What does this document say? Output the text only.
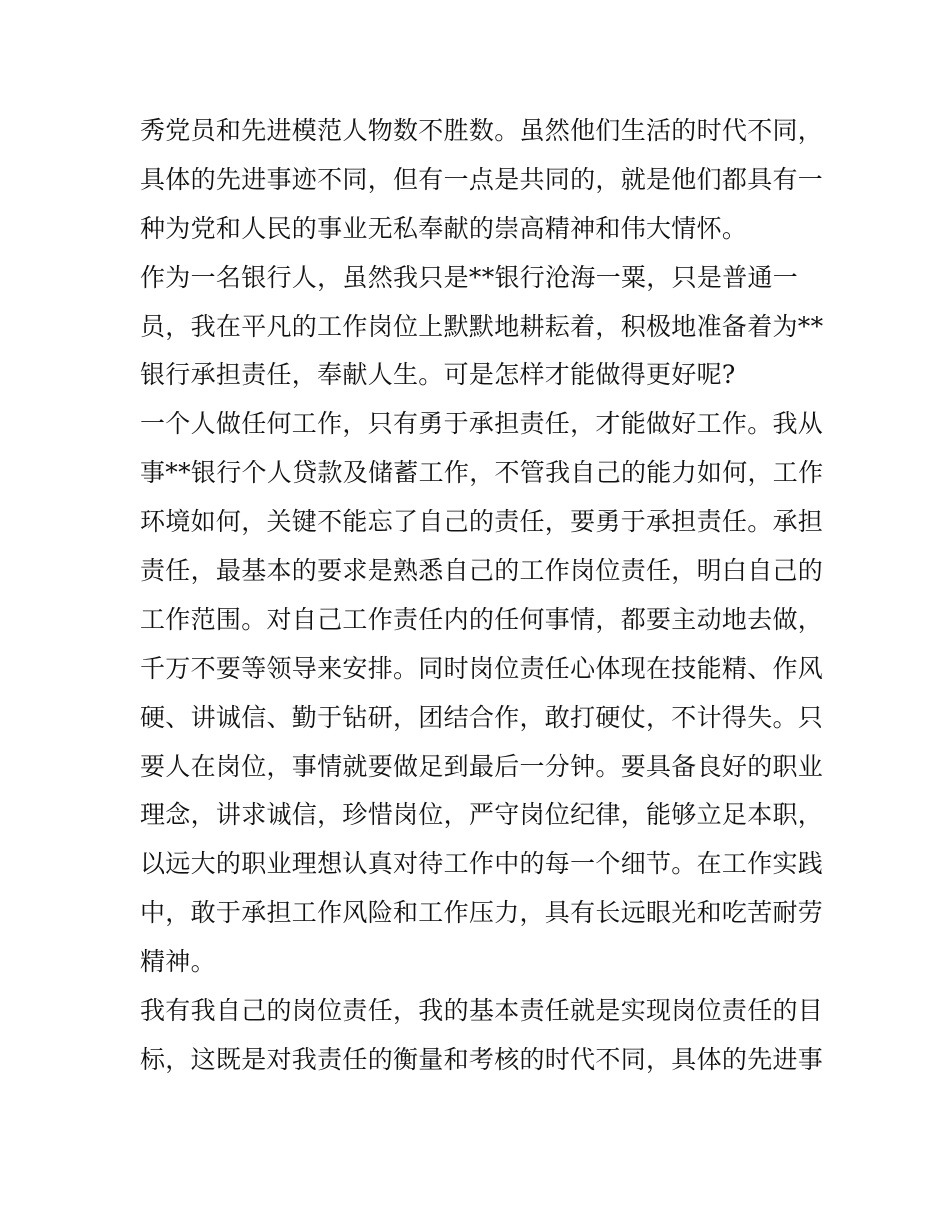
秀党员和先进模范人物数不胜数。虽然他们生活的时代不同，
具体的先进事迹不同，但有一点是共同的，就是他们都具有一
种为党和人民的事业无私奉献的崇高精神和伟大情怀。
作为一名银行人，虽然我只是**银行沧海一粟，只是普通一
员，我在平凡的工作岗位上默默地耕耘着，积极地准备着为**
银行承担责任，奉献人生。可是怎样才能做得更好呢?
一个人做任何工作，只有勇于承担责任，才能做好工作。我从
事**银行个人贷款及储蓄工作，不管我自己的能力如何，工作
环境如何，关键不能忘了自己的责任，要勇于承担责任。承担
责任，最基本的要求是熟悉自己的工作岗位责任，明白自己的
工作范围。对自己工作责任内的任何事情，都要主动地去做，
千万不要等领导来安排。同时岗位责任心体现在技能精、作风
硬、讲诚信、勤于钻研，团结合作，敢打硬仗，不计得失。只
要人在岗位，事情就要做足到最后一分钟。要具备良好的职业
理念，讲求诚信，珍惜岗位，严守岗位纪律，能够立足本职，
以远大的职业理想认真对待工作中的每一个细节。在工作实践
中，敢于承担工作风险和工作压力，具有长远眼光和吃苦耐劳
精神。
我有我自己的岗位责任，我的基本责任就是实现岗位责任的目
标，这既是对我责任的衡量和考核的时代不同，具体的先进事
